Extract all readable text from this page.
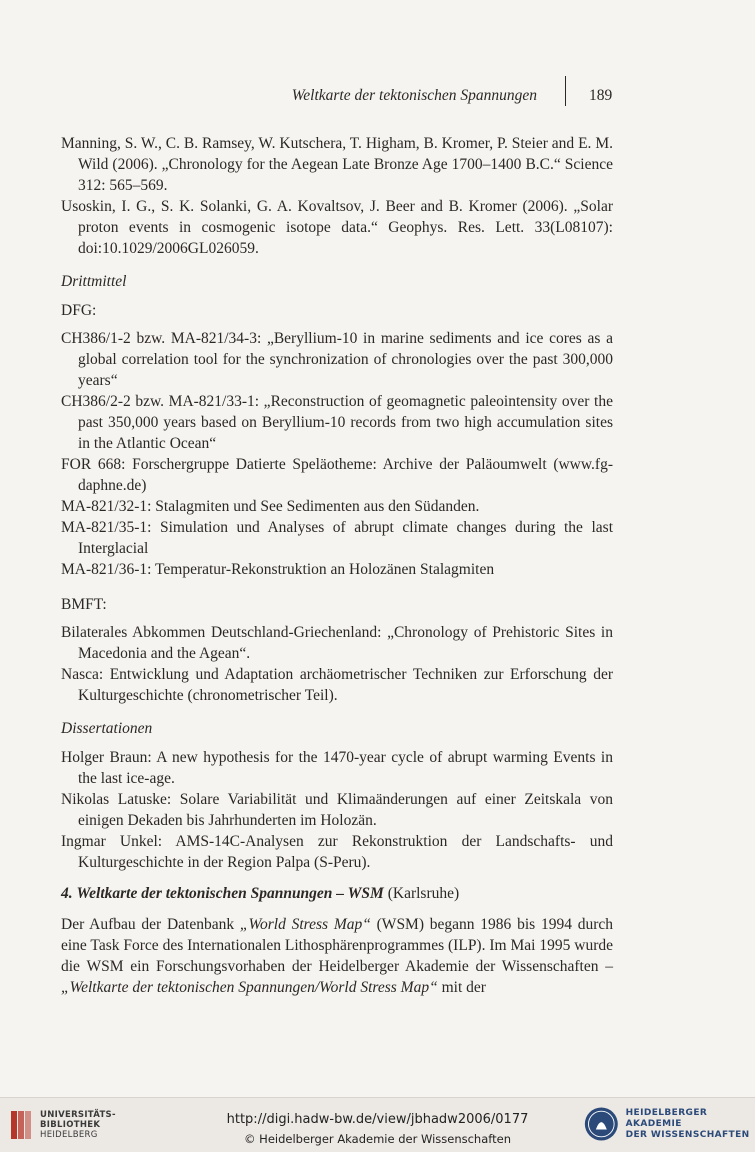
Weltkarte der tektonischen Spannungen	189

Manning, S. W., C. B. Ramsey, W. Kutschera, T. Higham, B. Kromer, P. Steier and E. M. Wild (2006). „Chronology for the Aegean Late Bronze Age 1700–1400 B.C.“ Science 312: 565–569.

Usoskin, I. G., S. K. Solanki, G. A. Kovaltsov, J. Beer and B. Kromer (2006). „Solar proton events in cosmogenic isotope data.“ Geophys. Res. Lett. 33(L08107): doi:10.1029/2006GL026059.

Drittmittel
DFG:

CH386/1-2 bzw. MA-821/34-3: „Beryllium-10 in marine sediments and ice cores as a global correlation tool for the synchronization of chronologies over the past 300,000 years“

CH386/2-2 bzw. MA-821/33-1: „Reconstruction of geomagnetic paleointensity over the past 350,000 years based on Beryllium-10 records from two high accumulation sites in the Atlantic Ocean“

FOR 668: Forschergruppe Datierte Speläotheme: Archive der Paläoumwelt (www.fg-daphne.de)

MA-821/32-1: Stalagmiten und See Sedimenten aus den Südanden.

MA-821/35-1: Simulation und Analyses of abrupt climate changes during the last Interglacial

MA-821/36-1: Temperatur-Rekonstruktion an Holozänen Stalagmiten

BMFT:

Bilaterales Abkommen Deutschland-Griechenland: „Chronology of Prehistoric Sites in Macedonia and the Agean“.

Nasca: Entwicklung und Adaptation archäometrischer Techniken zur Erforschung der Kulturgeschichte (chronometrischer Teil).

Dissertationen

Holger Braun: A new hypothesis for the 1470-year cycle of abrupt warming Events in the last ice-age.

Nikolas Latuske: Solare Variabilität und Klimaänderungen auf einer Zeitskala von einigen Dekaden bis Jahrhunderten im Holozän.

Ingmar Unkel: AMS-14C-Analysen zur Rekonstruktion der Landschafts- und Kulturgeschichte in der Region Palpa (S-Peru).

4. Weltkarte der tektonischen Spannungen – WSM (Karlsruhe)

Der Aufbau der Datenbank „World Stress Map“ (WSM) begann 1986 bis 1994 durch eine Task Force des Internationalen Lithosphärenprogrammes (ILP). Im Mai 1995 wurde die WSM ein Forschungsvorhaben der Heidelberger Akademie der Wissenschaften – „Weltkarte der tektonischen Spannungen/World Stress Map“ mit der

UNIVERSITÄTS-
BIBLIOTHEK
HEIDELBERG
http://digi.hadw-bw.de/view/jbhadw2006/0177
© Heidelberger Akademie der Wissenschaften
HEIDELBERGER AKADEMIE
DER WISSENSCHAFTEN
